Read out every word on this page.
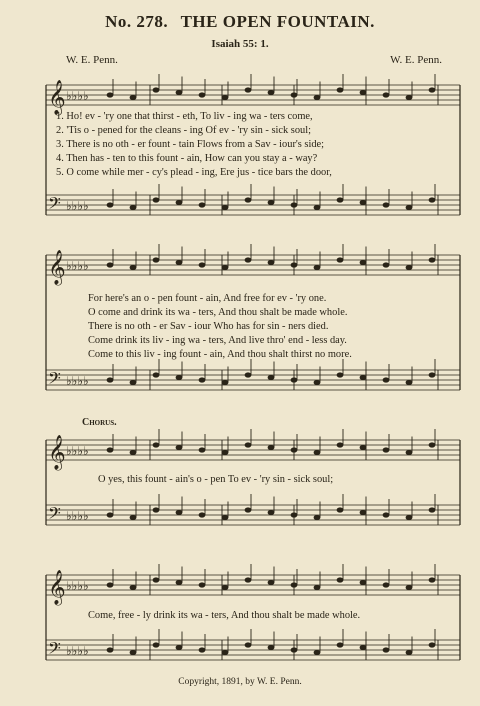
No. 278. THE OPEN FOUNTAIN.
Isaiah 55: 1.
W. E. Penn.	W. E. Penn.
𝄞 ♭♭♭♭
𝄢 ♭♭♭♭
𝄞 ♭♭♭♭
𝄢 ♭♭♭♭
𝄞 ♭♭♭♭
𝄢 ♭♭♭♭
𝄞 ♭♭♭♭
𝄢 ♭♭♭♭
1. Ho! ev - 'ry one that thirst - eth, To liv - ing wa - ters come,
2. 'Tis o - pened for the cleans - ing Of ev - 'ry sin - sick soul;
3. There is no oth - er fount - tain Flows from a Sav - iour's side;
4. Then has - ten to this fount - ain, How can you stay a - way?
5. O come while mer - cy's plead - ing, Ere jus - tice bars the door,
For here's an o - pen fount - ain, And free for ev - 'ry one.
O come and drink its wa - ters, And thou shalt be made whole.
There is no oth - er Sav - iour Who has for sin - ners died.
Come drink its liv - ing wa - ters, And live thro' end - less day.
Come to this liv - ing fount - ain, And thou shalt thirst no more.
Chorus.
O yes, this fount - ain's o - pen To ev - 'ry sin - sick soul;
Come, free - ly drink its wa - ters, And thou shalt be made whole.
Copyright, 1891, by W. E. Penn.
